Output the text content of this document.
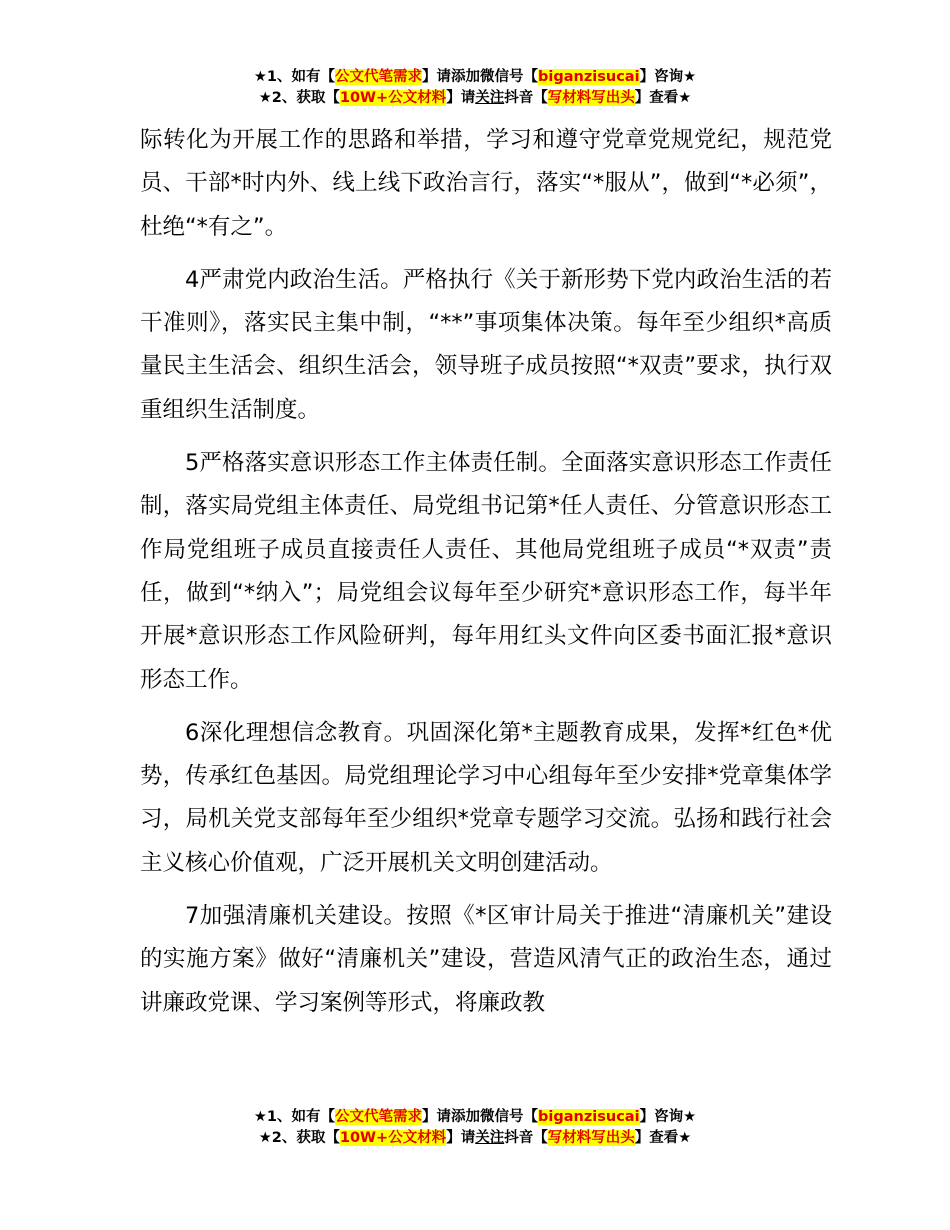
★1、如有【公文代笔需求】请添加微信号【biganzisucai】咨询★
★2、获取【10W+公文材料】请关注抖音【写材料写出头】查看★

际转化为开展工作的思路和举措，学习和遵守党章党规党纪，规范党员、干部*时内外、线上线下政治言行，落实“*服从”，做到“*必须”，杜绝“*有之”。

4严肃党内政治生活。严格执行《关于新形势下党内政治生活的若干准则》，落实民主集中制，“**”事项集体决策。每年至少组织*高质量民主生活会、组织生活会，领导班子成员按照“*双责”要求，执行双重组织生活制度。

5严格落实意识形态工作主体责任制。全面落实意识形态工作责任制，落实局党组主体责任、局党组书记第*任人责任、分管意识形态工作局党组班子成员直接责任人责任、其他局党组班子成员“*双责”责任，做到“*纳入”；局党组会议每年至少研究*意识形态工作，每半年开展*意识形态工作风险研判，每年用红头文件向区委书面汇报*意识形态工作。

6深化理想信念教育。巩固深化第*主题教育成果，发挥*红色*优势，传承红色基因。局党组理论学习中心组每年至少安排*党章集体学习，局机关党支部每年至少组织*党章专题学习交流。弘扬和践行社会主义核心价值观，广泛开展机关文明创建活动。

7加强清廉机关建设。按照《*区审计局关于推进“清廉机关”建设的实施方案》做好“清廉机关”建设，营造风清气正的政治生态，通过讲廉政党课、学习案例等形式，将廉政教

★1、如有【公文代笔需求】请添加微信号【biganzisucai】咨询★
★2、获取【10W+公文材料】请关注抖音【写材料写出头】查看★
